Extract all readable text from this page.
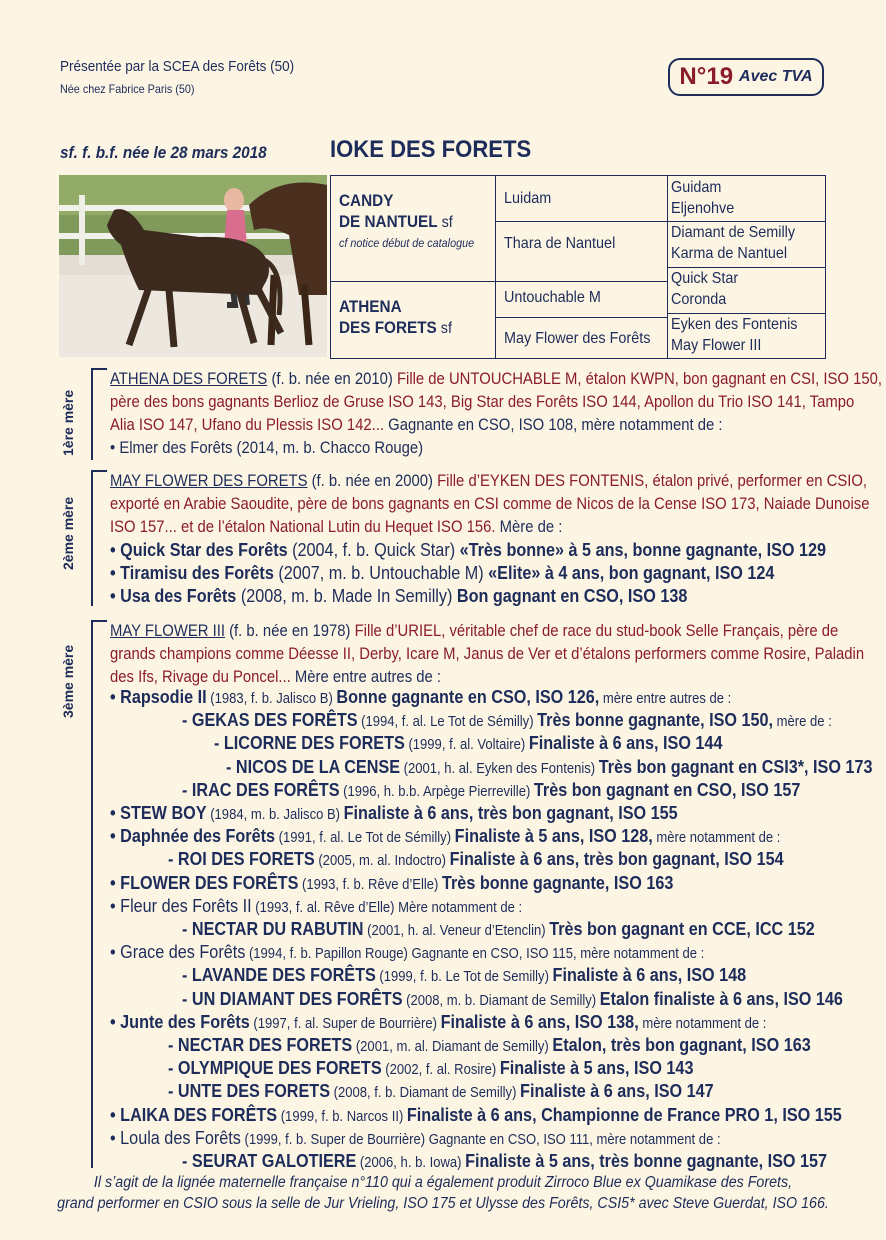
Présentée par la SCEA des Forêts (50)
Née chez Fabrice Paris (50)	N°19 Avec TVA
sf. f. b.f. née le 28 mars 2018	IOKE DES FORETS
CANDY
DE NANTUEL sf
cf notice début de catalogue
ATHENA
DES FORETS sf
Luidam
Thara de Nantuel
Untouchable M
May Flower des Forêts
Guidam
Eljenohve
Diamant de Semilly
Karma de Nantuel
Quick Star
Coronda
Eyken des Fontenis
May Flower III
1ère mère
2ème mère
3ème mère
ATHENA DES FORETS (f. b. née en 2010) Fille de UNTOUCHABLE M, étalon KWPN, bon gagnant en CSI, ISO 150,
père des bons gagnants Berlioz de Gruse ISO 143, Big Star des Forêts ISO 144, Apollon du Trio ISO 141, Tampo
Alia ISO 147, Ufano du Plessis ISO 142... Gagnante en CSO, ISO 108, mère notamment de :
• Elmer des Forêts (2014, m. b. Chacco Rouge)
MAY FLOWER DES FORETS (f. b. née en 2000) Fille d’EYKEN DES FONTENIS, étalon privé, performer en CSIO,
exporté en Arabie Saoudite, père de bons gagnants en CSI comme de Nicos de la Cense ISO 173, Naiade Dunoise
ISO 157... et de l’étalon National Lutin du Hequet ISO 156. Mère de :
• Quick Star des Forêts (2004, f. b. Quick Star) «Très bonne» à 5 ans, bonne gagnante, ISO 129
• Tiramisu des Forêts (2007, m. b. Untouchable M) «Elite» à 4 ans, bon gagnant, ISO 124
• Usa des Forêts (2008, m. b. Made In Semilly) Bon gagnant en CSO, ISO 138
MAY FLOWER III (f. b. née en 1978) Fille d’URIEL, véritable chef de race du stud-book Selle Français, père de
grands champions comme Déesse II, Derby, Icare M, Janus de Ver et d’étalons performers comme Rosire, Paladin
des Ifs, Rivage du Poncel... Mère entre autres de :
• Rapsodie II (1983, f. b. Jalisco B) Bonne gagnante en CSO, ISO 126, mère entre autres de :
- GEKAS DES FORÊTS (1994, f. al. Le Tot de Sémilly) Très bonne gagnante, ISO 150, mère de :
- LICORNE DES FORETS (1999, f. al. Voltaire) Finaliste à 6 ans, ISO 144
- NICOS DE LA CENSE (2001, h. al. Eyken des Fontenis) Très bon gagnant en CSI3*, ISO 173
- IRAC DES FORÊTS (1996, h. b.b. Arpège Pierreville) Très bon gagnant en CSO, ISO 157
• STEW BOY (1984, m. b. Jalisco B) Finaliste à 6 ans, très bon gagnant, ISO 155
• Daphnée des Forêts (1991, f. al. Le Tot de Sémilly) Finaliste à 5 ans, ISO 128, mère notamment de :
- ROI DES FORETS (2005, m. al. Indoctro) Finaliste à 6 ans, très bon gagnant, ISO 154
• FLOWER DES FORÊTS (1993, f. b. Rêve d’Elle) Très bonne gagnante, ISO 163
• Fleur des Forêts II (1993, f. al. Rêve d’Elle) Mère notamment de :
- NECTAR DU RABUTIN (2001, h. al. Veneur d’Etenclin) Très bon gagnant en CCE, ICC 152
• Grace des Forêts (1994, f. b. Papillon Rouge) Gagnante en CSO, ISO 115, mère notamment de :
- LAVANDE DES FORÊTS (1999, f. b. Le Tot de Semilly) Finaliste à 6 ans, ISO 148
- UN DIAMANT DES FORÊTS (2008, m. b. Diamant de Semilly) Etalon finaliste à 6 ans, ISO 146
• Junte des Forêts (1997, f. al. Super de Bourrière) Finaliste à 6 ans, ISO 138, mère notamment de :
- NECTAR DES FORETS (2001, m. al. Diamant de Semilly) Etalon, très bon gagnant, ISO 163
- OLYMPIQUE DES FORETS (2002, f. al. Rosire) Finaliste à 5 ans, ISO 143
- UNTE DES FORETS (2008, f. b. Diamant de Semilly) Finaliste à 6 ans, ISO 147
• LAIKA DES FORÊTS (1999, f. b. Narcos II) Finaliste à 6 ans, Championne de France PRO 1, ISO 155
• Loula des Forêts (1999, f. b. Super de Bourrière) Gagnante en CSO, ISO 111, mère notamment de :
- SEURAT GALOTIERE (2006, h. b. Iowa) Finaliste à 5 ans, très bonne gagnante, ISO 157
Il s’agit de la lignée maternelle française n°110 qui a également produit Zirroco Blue ex Quamikase des Forets,
grand performer en CSIO sous la selle de Jur Vrieling, ISO 175 et Ulysse des Forêts, CSI5* avec Steve Guerdat, ISO 166.
